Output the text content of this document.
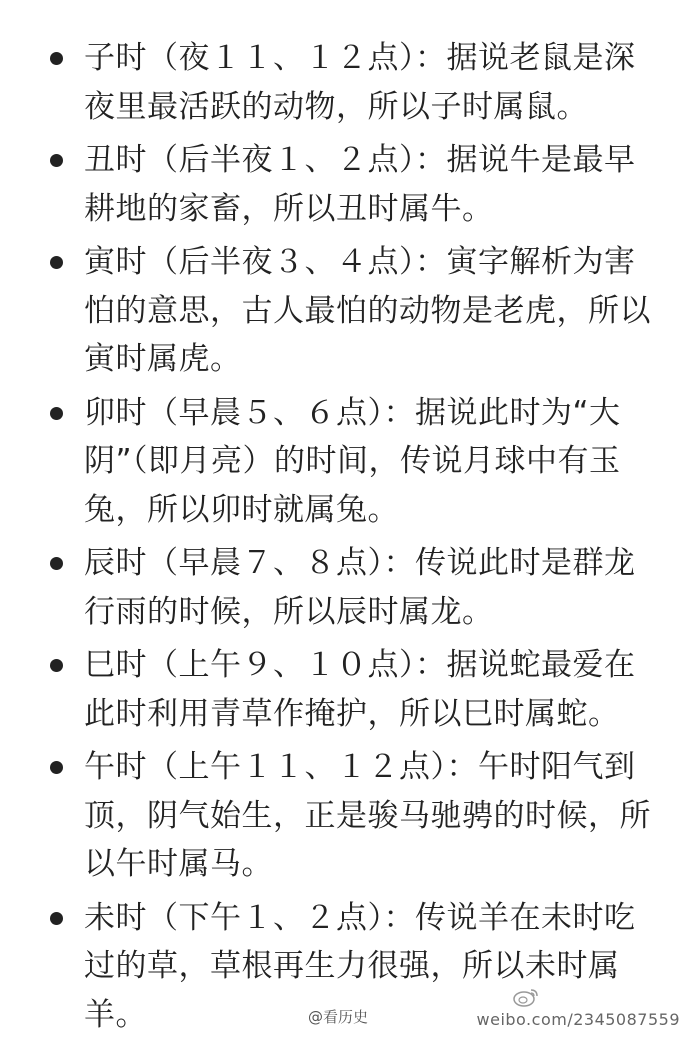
子时（夜１１、１２点）：据说老鼠是深夜里最活跃的动物，所以子时属鼠。
丑时（后半夜１、２点）：据说牛是最早耕地的家畜，所以丑时属牛。
寅时（后半夜３、４点）：寅字解析为害怕的意思，古人最怕的动物是老虎，所以寅时属虎。
卯时（早晨５、６点）：据说此时为“大阴”（即月亮）的时间，传说月球中有玉兔，所以卯时就属兔。
辰时（早晨７、８点）：传说此时是群龙行雨的时候，所以辰时属龙。
巳时（上午９、１０点）：据说蛇最爱在此时利用青草作掩护，所以巳时属蛇。
午时（上午１１、１２点）：午时阳气到顶，阴气始生，正是骏马驰骋的时候，所以午时属马。
未时（下午１、２点）：传说羊在未时吃过的草，草根再生力很强，所以未时属羊。	@看历史	weibo.com/2345087559
